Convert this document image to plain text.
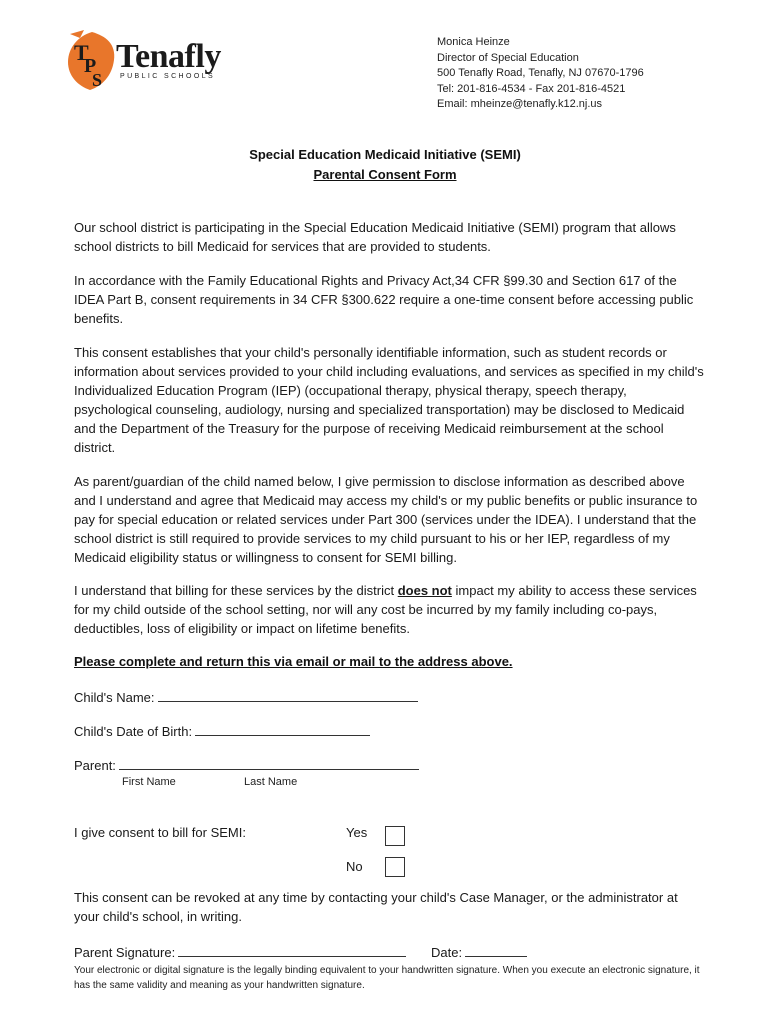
T
P
S
Tenafly
PUBLIC SCHOOLS
Monica Heinze
Director of Special Education
500 Tenafly Road, Tenafly, NJ 07670-1796
Tel: 201-816-4534 - Fax 201-816-4521
Email: mheinze@tenafly.k12.nj.us
Special Education Medicaid Initiative (SEMI)
Parental Consent Form
Our school district is participating in the Special Education Medicaid Initiative (SEMI) program that allows school districts to bill Medicaid for services that are provided to students.
In accordance with the Family Educational Rights and Privacy Act,34 CFR §99.30 and Section 617 of the IDEA Part B, consent requirements in 34 CFR §300.622 require a one-time consent before accessing public benefits.
This consent establishes that your child's personally identifiable information, such as student records or information about services provided to your child including evaluations, and services as specified in my child's Individualized Education Program (IEP) (occupational therapy, physical therapy, speech therapy, psychological counseling, audiology, nursing and specialized transportation) may be disclosed to Medicaid and the Department of the Treasury for the purpose of receiving Medicaid reimbursement at the school district.
As parent/guardian of the child named below, I give permission to disclose information as described above and I understand and agree that Medicaid may access my child's or my public benefits or public insurance to pay for special education or related services under Part 300 (services under the IDEA). I understand that the school district is still required to provide services to my child pursuant to his or her IEP, regardless of my Medicaid eligibility status or willingness to consent for SEMI billing.
I understand that billing for these services by the district does not impact my ability to access these services for my child outside of the school setting, nor will any cost be incurred by my family including co-pays, deductibles, loss of eligibility or impact on lifetime benefits.
Please complete and return this via email or mail to the address above.
Child's Name:
Child's Date of Birth:
Parent:
First Name	Last Name
I give consent to bill for SEMI:	Yes
No
This consent can be revoked at any time by contacting your child's Case Manager, or the administrator at your child's school, in writing.
Parent Signature:	Date:
Your electronic or digital signature is the legally binding equivalent to your handwritten signature. When you execute an electronic signature, it has the same validity and meaning as your handwritten signature.
